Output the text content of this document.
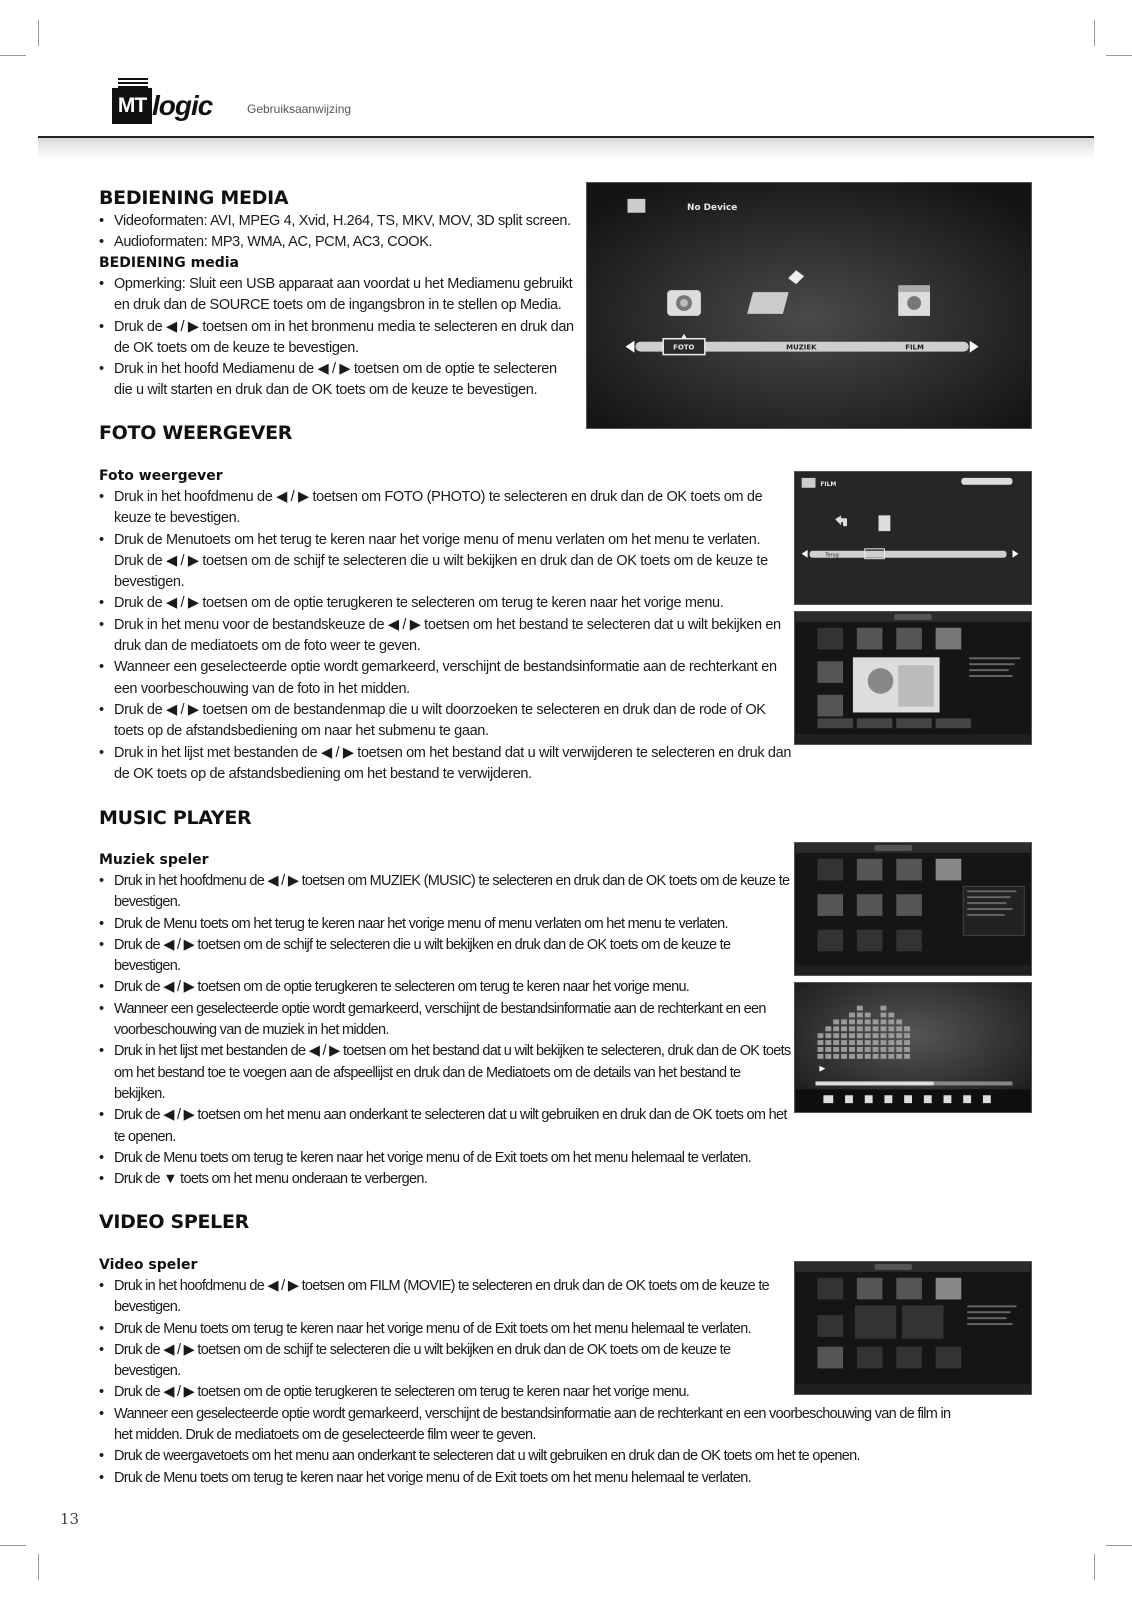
MT logic	Gebruiksaanwijzing
BEDIENING MEDIA
• Videoformaten: AVI, MPEG 4, Xvid, H.264, TS, MKV, MOV, 3D split screen.
• Audioformaten: MP3, WMA, AC, PCM, AC3, COOK.
BEDIENING media
• Opmerking: Sluit een USB apparaat aan voordat u het Mediamenu gebruikt en druk dan de SOURCE toets om de ingangsbron in te stellen op Media.
• Druk de ◀ / ▶ toetsen om in het bronmenu media te selecteren en druk dan de OK toets om de keuze te bevestigen.
• Druk in het hoofd Mediamenu de ◀ / ▶ toetsen om de optie te selecteren die u wilt starten en druk dan de OK toets om de keuze te bevestigen.
No Device
FOTO	MUZIEK	FILM
FOTO WEERGEVER
Foto weergever
• Druk in het hoofdmenu de ◀ / ▶ toetsen om FOTO (PHOTO) te selecteren en druk dan de OK toets om de keuze te bevestigen.
• Druk de Menutoets om het terug te keren naar het vorige menu of menu verlaten om het menu te verlaten. Druk de ◀ / ▶ toetsen om de schijf te selecteren die u wilt bekijken en druk dan de OK toets om de keuze te bevestigen.
• Druk de ◀ / ▶ toetsen om de optie terugkeren te selecteren om terug te keren naar het vorige menu.
• Druk in het menu voor de bestandskeuze de ◀ / ▶ toetsen om het bestand te selecteren dat u wilt bekijken en druk dan de mediatoets om de foto weer te geven.
• Wanneer een geselecteerde optie wordt gemarkeerd, verschijnt de bestandsinformatie aan de rechterkant en een voorbeschouwing van de foto in het midden.
• Druk de ◀ / ▶ toetsen om de bestandenmap die u wilt doorzoeken te selecteren en druk dan de rode of OK toets op de afstandsbediening om naar het submenu te gaan.
• Druk in het lijst met bestanden de ◀ / ▶ toetsen om het bestand dat u wilt verwijderen te selecteren en druk dan de OK toets op de afstandsbediening om het bestand te verwijderen.
FILM
Terug
MUSIC PLAYER
Muziek speler
• Druk in het hoofdmenu de ◀ / ▶ toetsen om MUZIEK (MUSIC) te selecteren en druk dan de OK toets om de keuze te bevestigen.
• Druk de Menu toets om het terug te keren naar het vorige menu of menu verlaten om het menu te verlaten.
• Druk de ◀ / ▶ toetsen om de schijf te selecteren die u wilt bekijken en druk dan de OK toets om de keuze te bevestigen.
• Druk de ◀ / ▶ toetsen om de optie terugkeren te selecteren om terug te keren naar het vorige menu.
• Wanneer een geselecteerde optie wordt gemarkeerd, verschijnt de bestandsinformatie aan de rechterkant en een voorbeschouwing van de muziek in het midden.
• Druk in het lijst met bestanden de ◀ / ▶ toetsen om het bestand dat u wilt bekijken te selecteren, druk dan de OK toets om het bestand toe te voegen aan de afspeellijst en druk dan de Mediatoets om de details van het bestand te bekijken.
• Druk de ◀ / ▶ toetsen om het menu aan onderkant te selecteren dat u wilt gebruiken en druk dan de OK toets om het te openen.
• Druk de Menu toets om terug te keren naar het vorige menu of de Exit toets om het menu helemaal te verlaten.
• Druk de ▼ toets om het menu onderaan te verbergen.
VIDEO SPELER
Video speler
• Druk in het hoofdmenu de ◀ / ▶ toetsen om FILM (MOVIE) te selecteren en druk dan de OK toets om de keuze te bevestigen.
• Druk de Menu toets om terug te keren naar het vorige menu of de Exit toets om het menu helemaal te verlaten.
• Druk de ◀ / ▶ toetsen om de schijf te selecteren die u wilt bekijken en druk dan de OK toets om de keuze te bevestigen.
• Druk de ◀ / ▶ toetsen om de optie terugkeren te selecteren om terug te keren naar het vorige menu.
• Wanneer een geselecteerde optie wordt gemarkeerd, verschijnt de bestandsinformatie aan de rechterkant en een voorbeschouwing van de film in het midden. Druk de mediatoets om de geselecteerde film weer te geven.
• Druk de weergavetoets om het menu aan onderkant te selecteren dat u wilt gebruiken en druk dan de OK toets om het te openen.
• Druk de Menu toets om terug te keren naar het vorige menu of de Exit toets om het menu helemaal te verlaten.
13
